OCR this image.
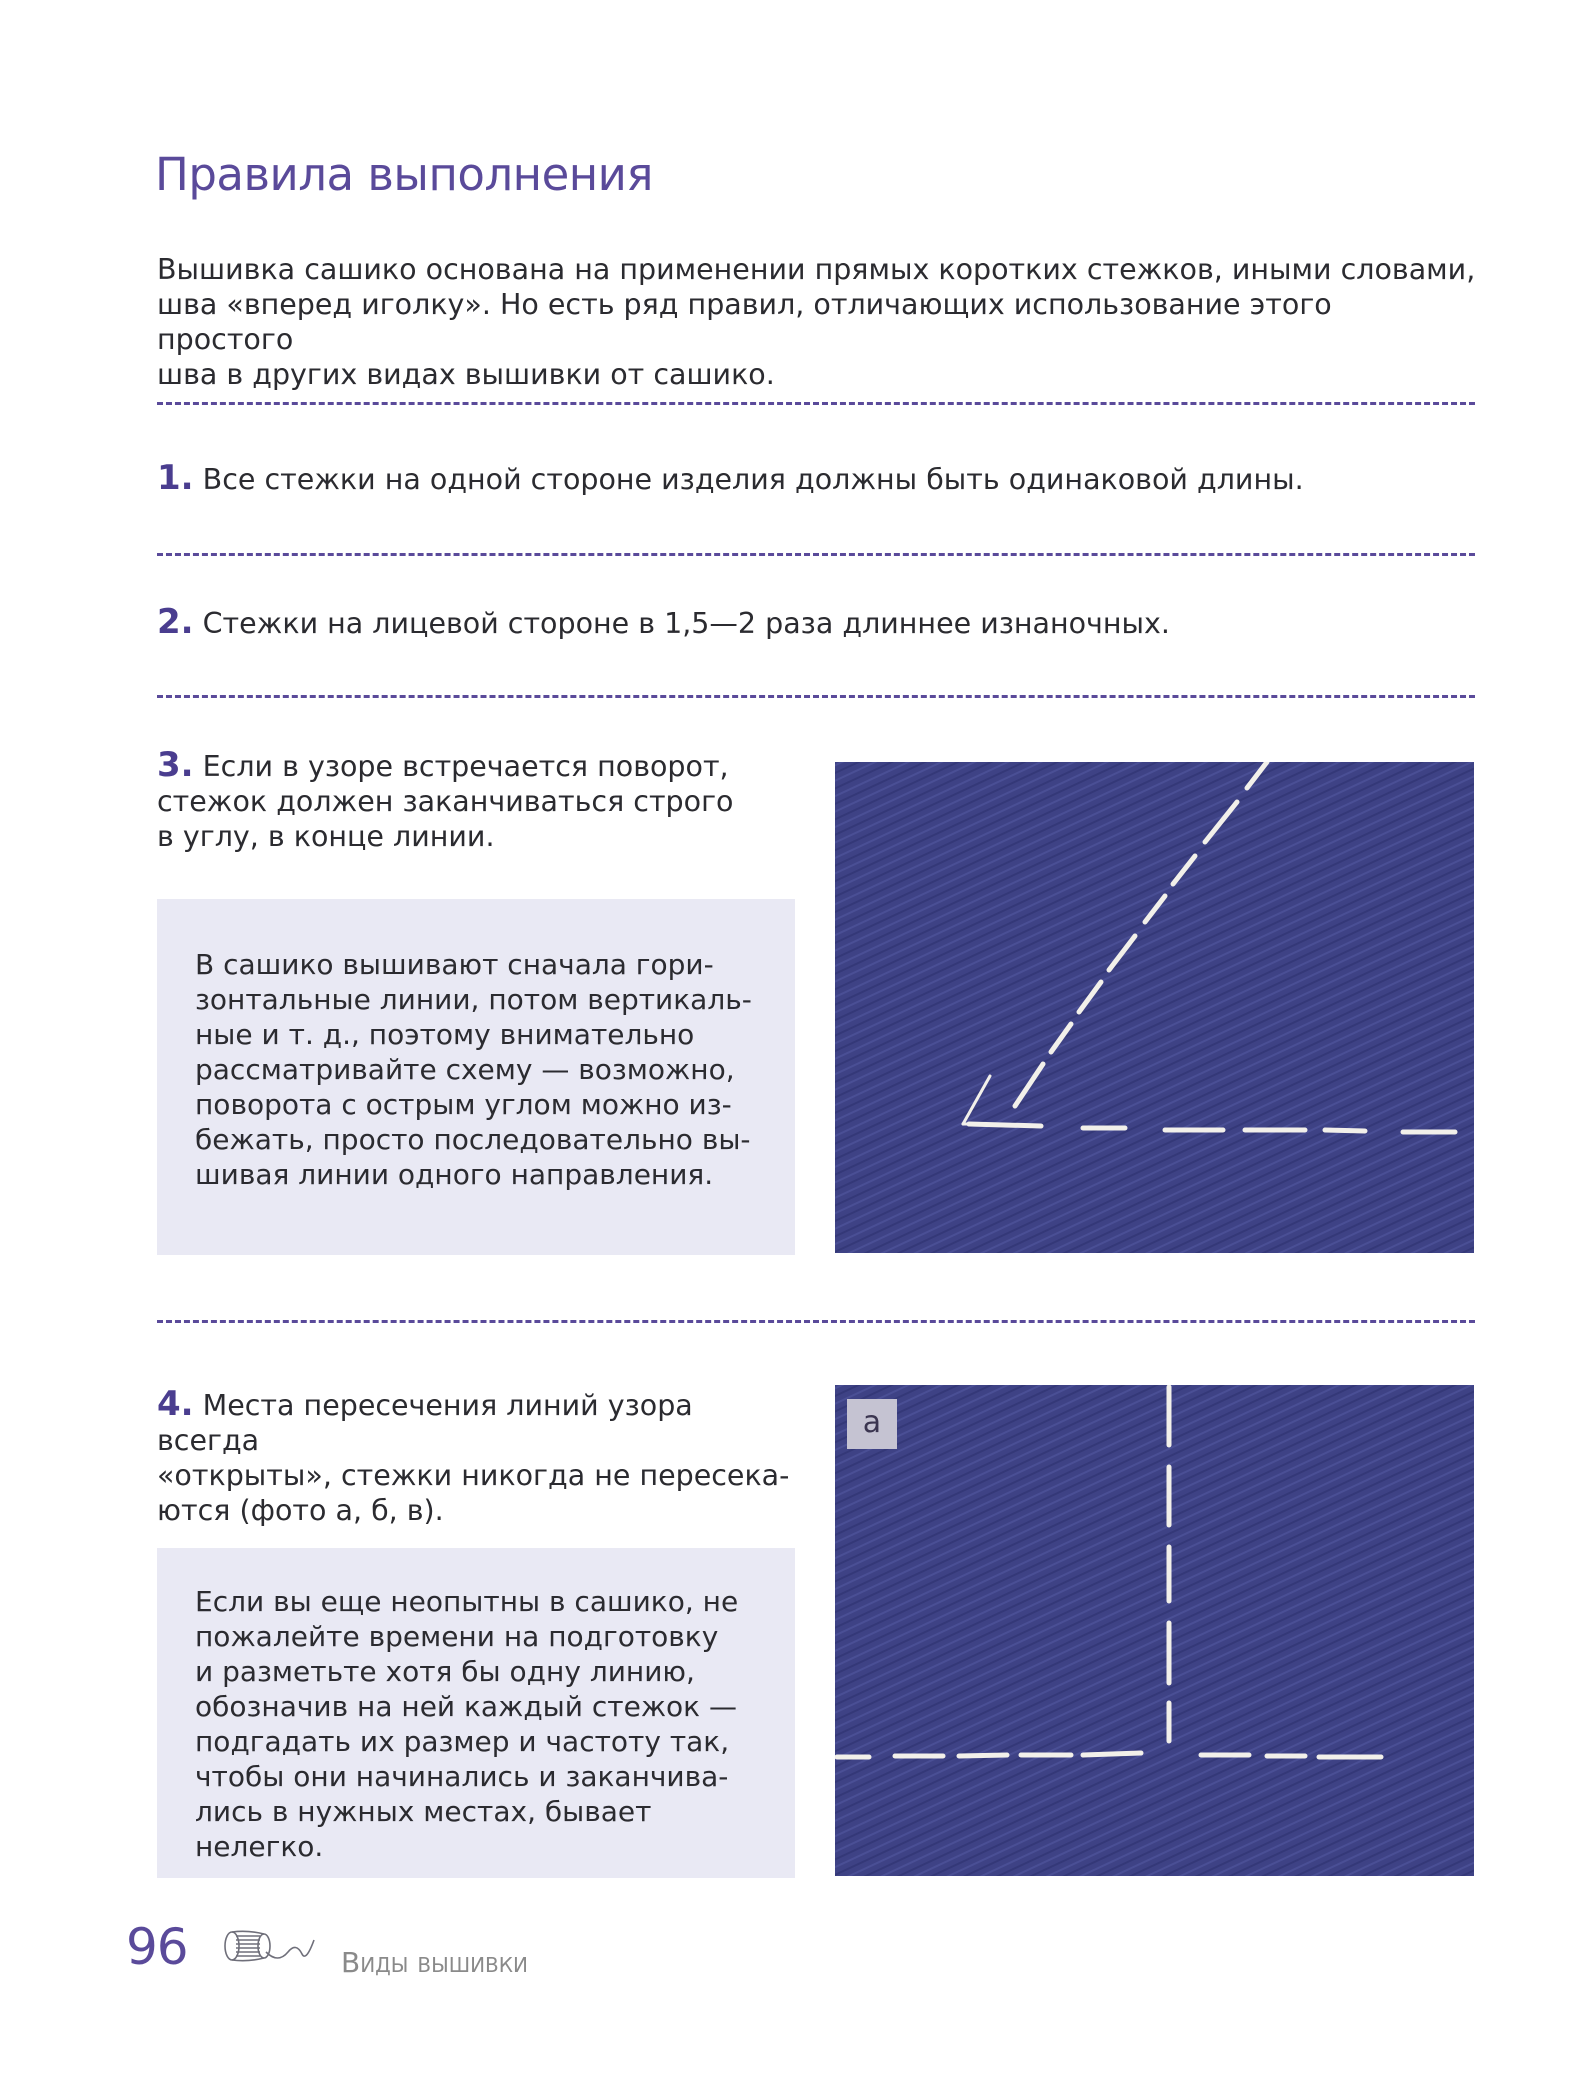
Правила выполнения
Вышивка сашико основана на применении прямых коротких стежков, иными словами,
шва «вперед иголку». Но есть ряд правил, отличающих использование этого простого
шва в других видах вышивки от сашико.
1. Все стежки на одной стороне изделия должны быть одинаковой длины.
2. Стежки на лицевой стороне в 1,5—2 раза длиннее изнаночных.
3. Если в узоре встречается поворот,
стежок должен заканчиваться строго
в углу, в конце линии.
В сашико вышивают сначала гори-
зонтальные линии, потом вертикаль-
ные и т. д., поэтому внимательно
рассматривайте схему — возможно,
поворота с острым углом можно из-
бежать, просто последовательно вы-
шивая линии одного направления.
4. Места пересечения линий узора всегда
«открыты», стежки никогда не пересека-
ются (фото а, б, в).
Если вы еще неопытны в сашико, не
пожалейте времени на подготовку
и разметьте хотя бы одну линию,
обозначив на ней каждый стежок —
подгадать их размер и частоту так,
чтобы они начинались и заканчива-
лись в нужных местах, бывает нелегко.
а
96	Виды вышивки
